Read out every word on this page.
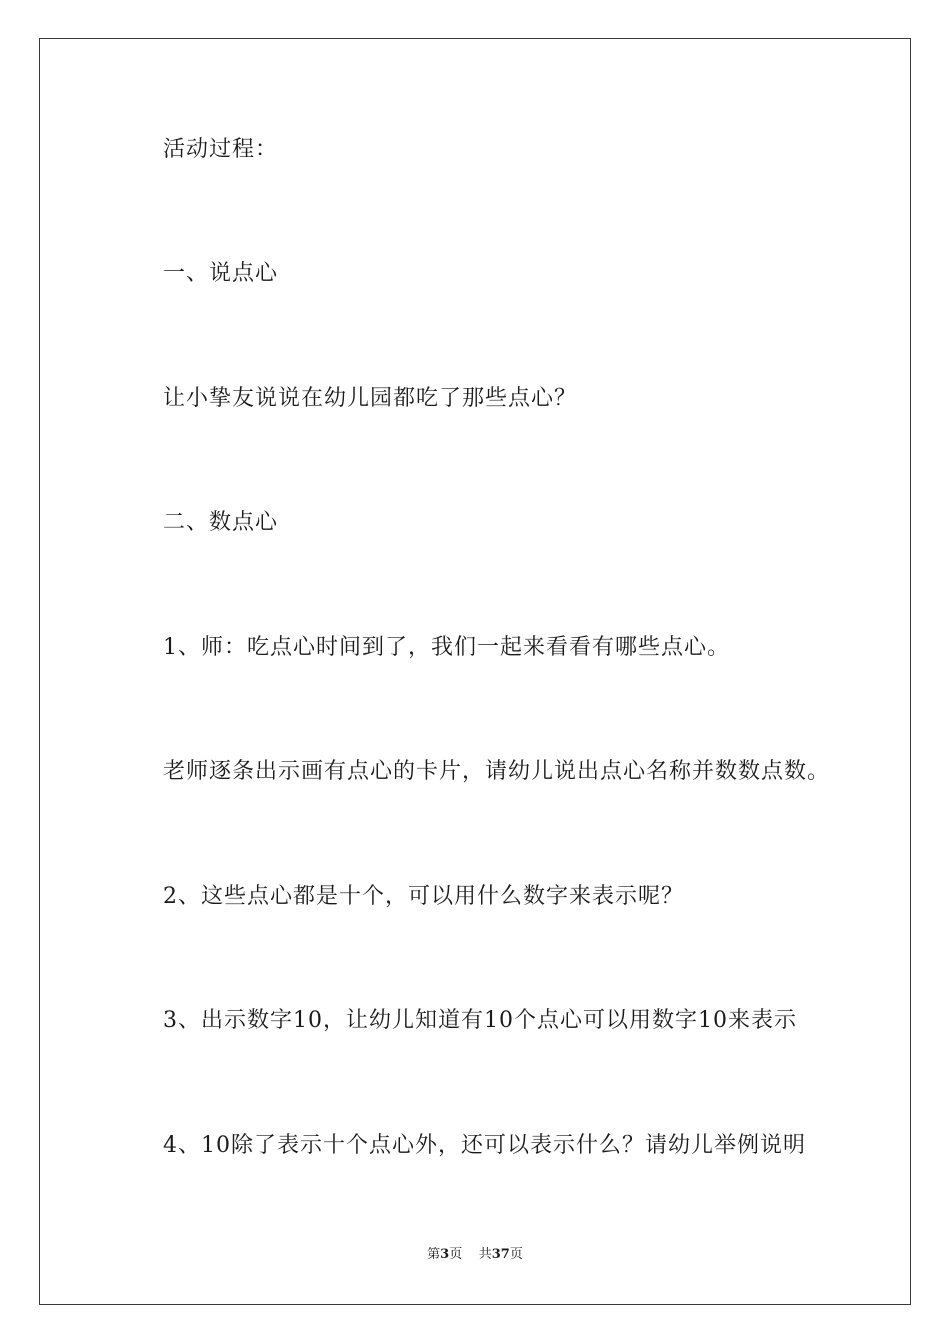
活动过程：
一、说点心
让小挚友说说在幼儿园都吃了那些点心？
二、数点心
1、师：吃点心时间到了，我们一起来看看有哪些点心。
老师逐条出示画有点心的卡片，请幼儿说出点心名称并数数点数。
2、这些点心都是十个，可以用什么数字来表示呢？
3、出示数字10，让幼儿知道有10个点心可以用数字10来表示
4、10除了表示十个点心外，还可以表示什么？请幼儿举例说明
第3页 共37页
